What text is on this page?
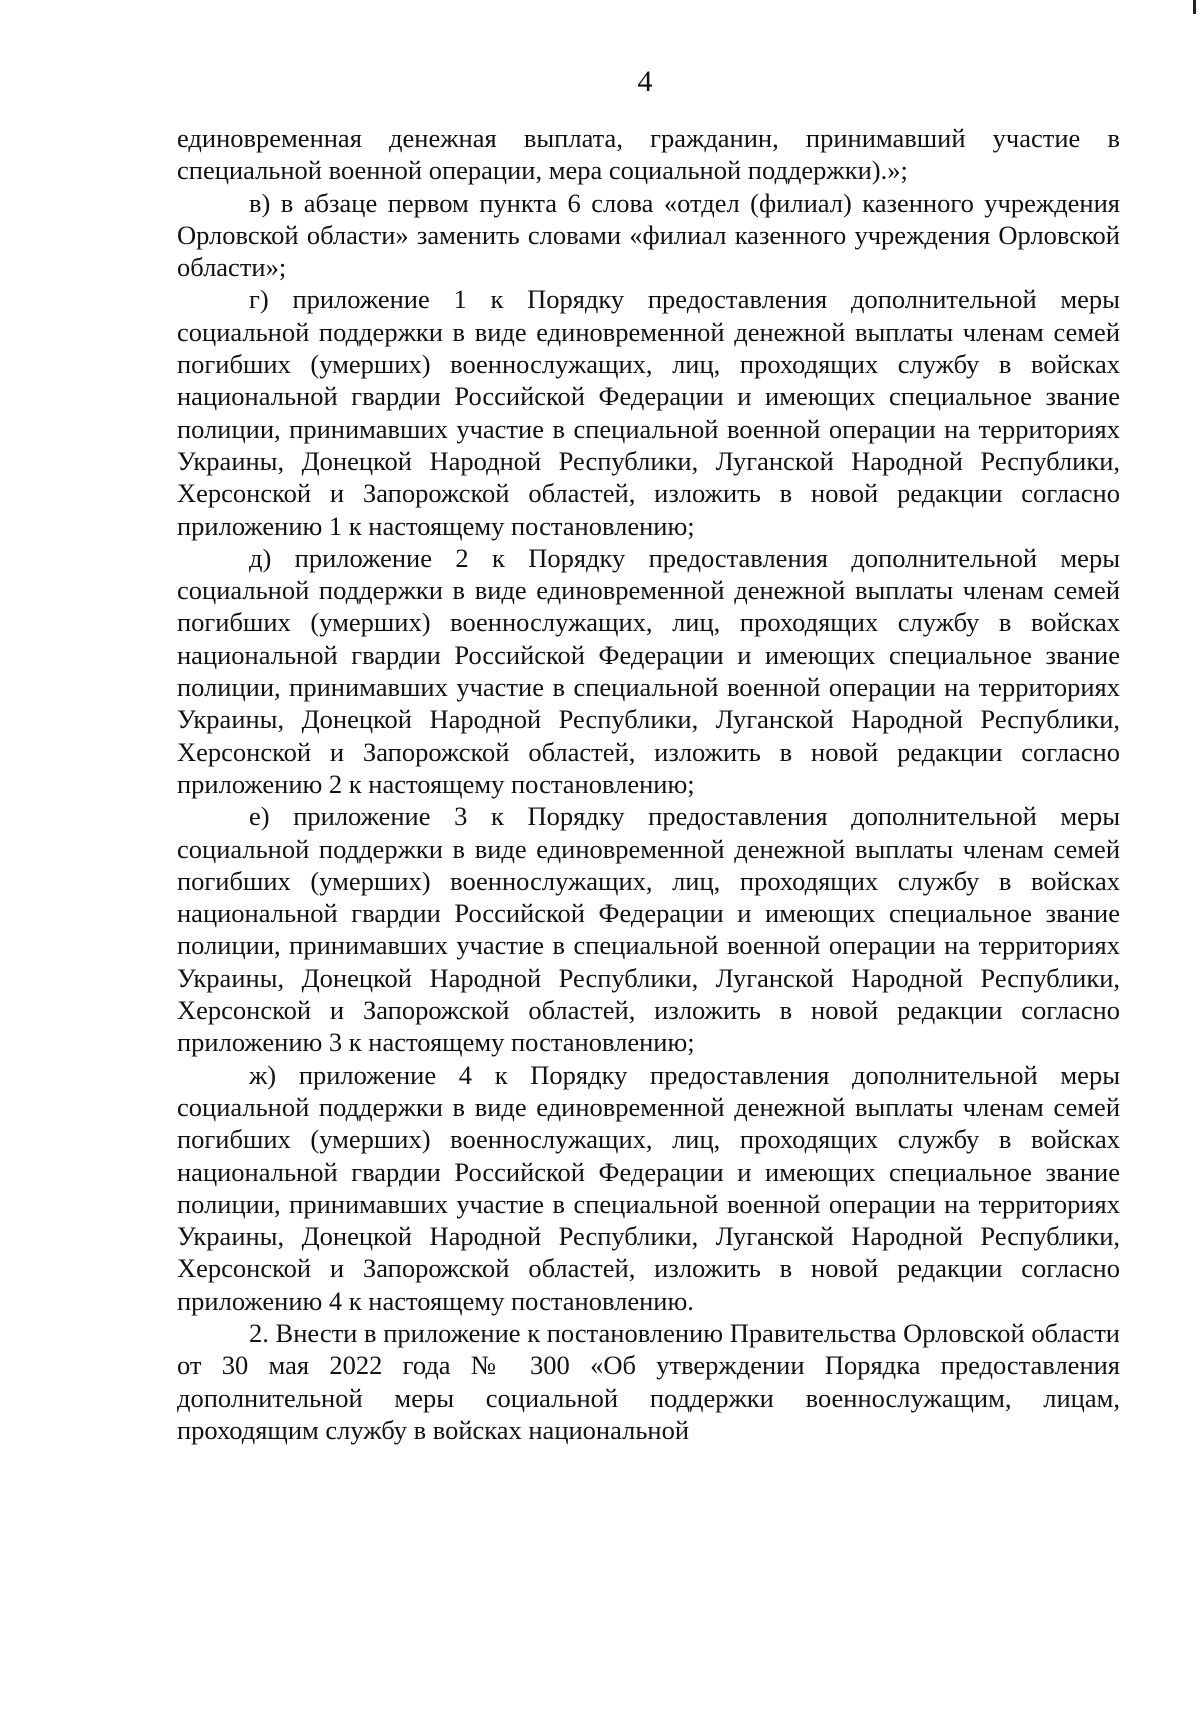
4

единовременная денежная выплата, гражданин, принимавший участие в специальной военной операции, мера социальной поддержки).»;

в) в абзаце первом пункта 6 слова «отдел (филиал) казенного учреждения Орловской области» заменить словами «филиал казенного учреждения Орловской области»;

г) приложение 1 к Порядку предоставления дополнительной меры социальной поддержки в виде единовременной денежной выплаты членам семей погибших (умерших) военнослужащих, лиц, проходящих службу в войсках национальной гвардии Российской Федерации и имеющих специальное звание полиции, принимавших участие в специальной военной операции на территориях Украины, Донецкой Народной Республики, Луганской Народной Республики, Херсонской и Запорожской областей, изложить в новой редакции согласно приложению 1 к настоящему постановлению;

д) приложение 2 к Порядку предоставления дополнительной меры социальной поддержки в виде единовременной денежной выплаты членам семей погибших (умерших) военнослужащих, лиц, проходящих службу в войсках национальной гвардии Российской Федерации и имеющих специальное звание полиции, принимавших участие в специальной военной операции на территориях Украины, Донецкой Народной Республики, Луганской Народной Республики, Херсонской и Запорожской областей, изложить в новой редакции согласно приложению 2 к настоящему постановлению;

е) приложение 3 к Порядку предоставления дополнительной меры социальной поддержки в виде единовременной денежной выплаты членам семей погибших (умерших) военнослужащих, лиц, проходящих службу в войсках национальной гвардии Российской Федерации и имеющих специальное звание полиции, принимавших участие в специальной военной операции на территориях Украины, Донецкой Народной Республики, Луганской Народной Республики, Херсонской и Запорожской областей, изложить в новой редакции согласно приложению 3 к настоящему постановлению;

ж) приложение 4 к Порядку предоставления дополнительной меры социальной поддержки в виде единовременной денежной выплаты членам семей погибших (умерших) военнослужащих, лиц, проходящих службу в войсках национальной гвардии Российской Федерации и имеющих специальное звание полиции, принимавших участие в специальной военной операции на территориях Украины, Донецкой Народной Республики, Луганской Народной Республики, Херсонской и Запорожской областей, изложить в новой редакции согласно приложению 4 к настоящему постановлению.

2. Внести в приложение к постановлению Правительства Орловской области от 30 мая 2022 года № 300 «Об утверждении Порядка предоставления дополнительной меры социальной поддержки военнослужащим, лицам, проходящим службу в войсках национальной
